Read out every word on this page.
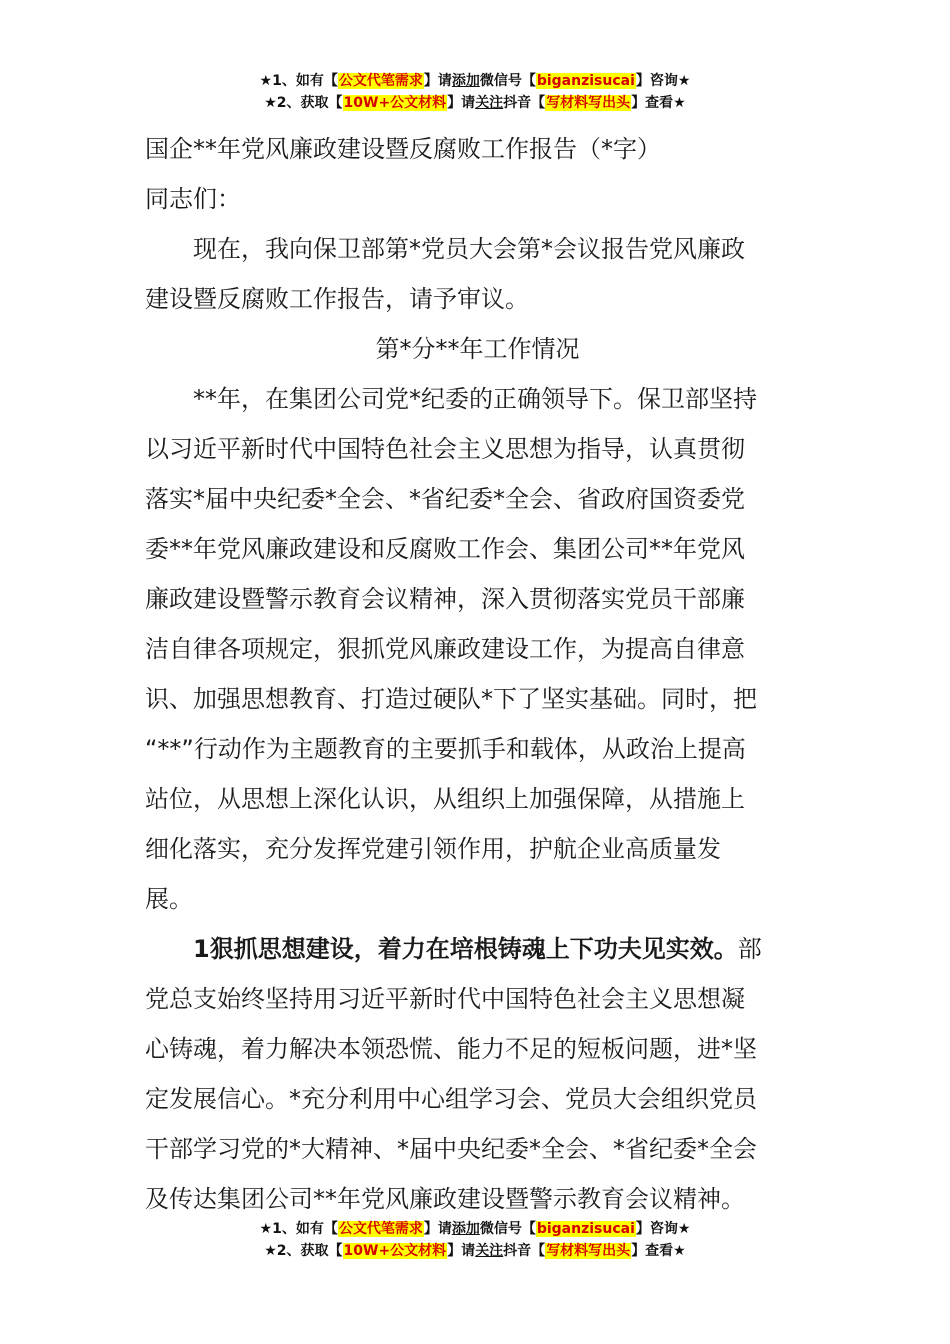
★1、如有【公文代笔需求】请添加微信号【biganzisucai】咨询★
★2、获取【10W+公文材料】请关注抖音【写材料写出头】查看★
国企**年党风廉政建设暨反腐败工作报告（*字）
同志们：
现在，我向保卫部第*党员大会第*会议报告党风廉政
建设暨反腐败工作报告，请予审议。
第*分**年工作情况
**年，在集团公司党*纪委的正确领导下。保卫部坚持
以习近平新时代中国特色社会主义思想为指导，认真贯彻
落实*届中央纪委*全会、*省纪委*全会、省政府国资委党
委**年党风廉政建设和反腐败工作会、集团公司**年党风
廉政建设暨警示教育会议精神，深入贯彻落实党员干部廉
洁自律各项规定，狠抓党风廉政建设工作，为提高自律意
识、加强思想教育、打造过硬队*下了坚实基础。同时，把
“**”行动作为主题教育的主要抓手和载体，从政治上提高
站位，从思想上深化认识，从组织上加强保障，从措施上
细化落实，充分发挥党建引领作用，护航企业高质量发
展。
1狠抓思想建设，着力在培根铸魂上下功夫见实效。部
党总支始终坚持用习近平新时代中国特色社会主义思想凝
心铸魂，着力解决本领恐慌、能力不足的短板问题，进*坚
定发展信心。*充分利用中心组学习会、党员大会组织党员
干部学习党的*大精神、*届中央纪委*全会、*省纪委*全会
及传达集团公司**年党风廉政建设暨警示教育会议精神。
★1、如有【公文代笔需求】请添加微信号【biganzisucai】咨询★
★2、获取【10W+公文材料】请关注抖音【写材料写出头】查看★
